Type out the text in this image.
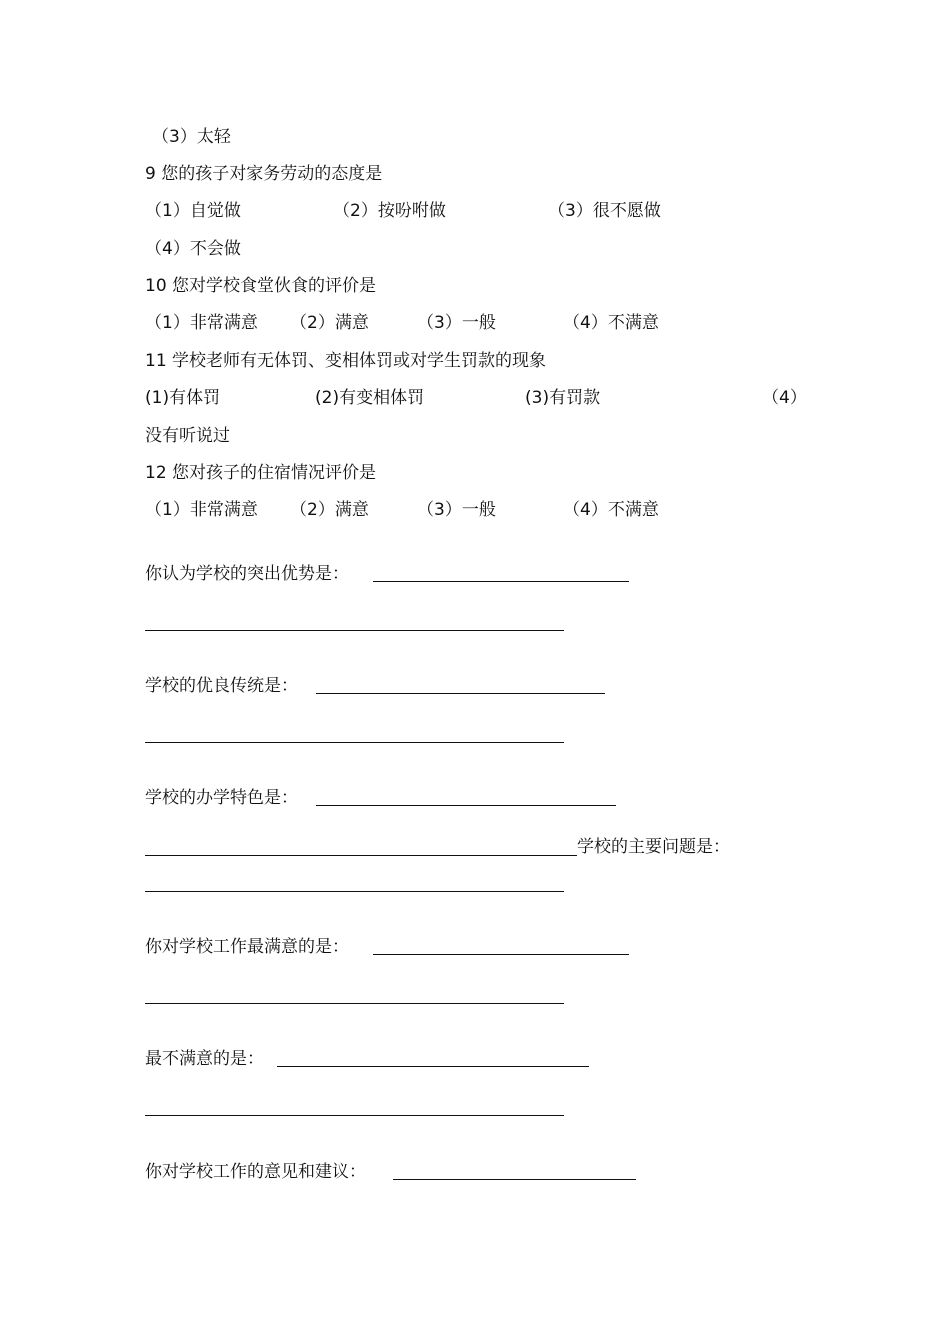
（3）太轻
9 您的孩子对家务劳动的态度是
（1）自觉做	（2）按吩咐做	（3）很不愿做
（4）不会做
10 您对学校食堂伙食的评价是
（1）非常满意 （2）满意	（3）一般	（4）不满意
11 学校老师有无体罚、变相体罚或对学生罚款的现象
(1)有体罚	(2)有变相体罚	(3)有罚款	（4）
没有听说过
12 您对孩子的住宿情况评价是
（1）非常满意 （2）满意	（3）一般	（4）不满意
你认为学校的突出优势是：
学校的优良传统是：
学校的办学特色是：
学校的主要问题是：
你对学校工作最满意的是：
最不满意的是：
你对学校工作的意见和建议：
